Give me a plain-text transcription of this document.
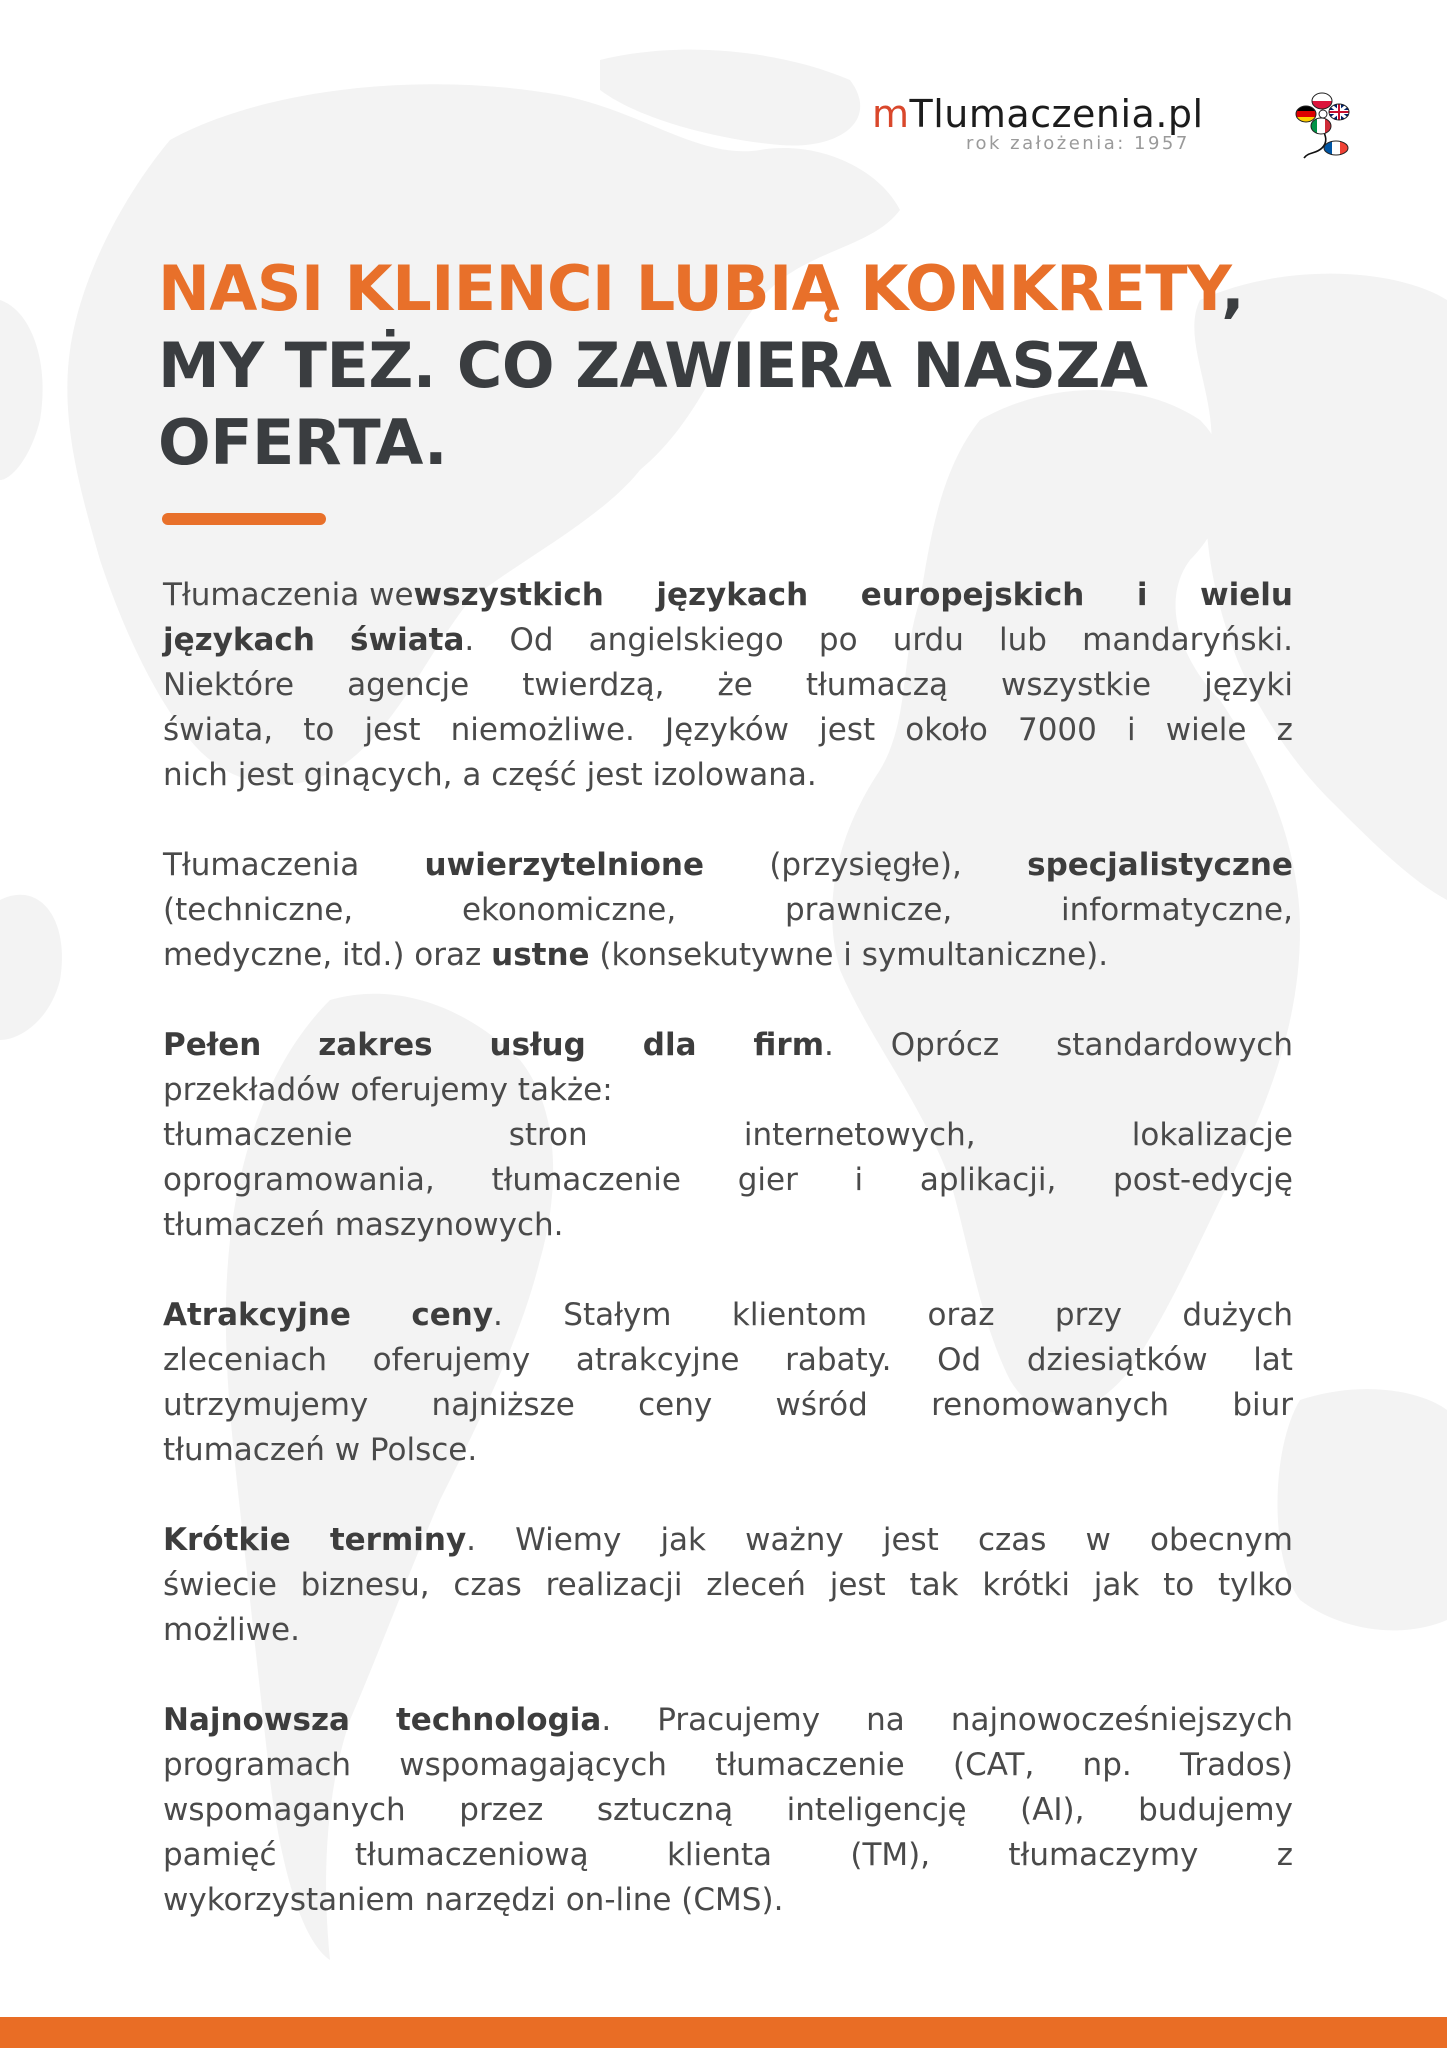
mTlumaczenia.pl
rok założenia: 1957
NASI KLIENCI LUBIĄ KONKRETY,
MY TEŻ. CO ZAWIERA NASZA
OFERTA.

Tłumaczenia we wszystkich językach europejskich i wielu
językach świata. Od angielskiego po urdu lub mandaryński.
Niektóre agencje twierdzą, że tłumaczą wszystkie języki
świata, to jest niemożliwe. Języków jest około 7000 i wiele z
nich jest ginących, a część jest izolowana.

Tłumaczenia uwierzytelnione (przysięgłe), specjalistyczne
(techniczne,	ekonomiczne,	prawnicze,	informatyczne,
medyczne, itd.) oraz ustne (konsekutywne i symultaniczne).

Pełen zakres usług dla firm. Oprócz standardowych
przekładów oferujemy także:
tłumaczenie	stron	internetowych,	lokalizacje
oprogramowania, tłumaczenie gier i aplikacji, post-edycję
tłumaczeń maszynowych.

Atrakcyjne ceny. Stałym klientom oraz przy dużych
zleceniach oferujemy atrakcyjne rabaty. Od dziesiątków lat
utrzymujemy najniższe ceny wśród renomowanych biur
tłumaczeń w Polsce.

Krótkie terminy. Wiemy jak ważny jest czas w obecnym
świecie biznesu, czas realizacji zleceń jest tak krótki jak to tylko
możliwe.

Najnowsza technologia. Pracujemy na najnowocześniejszych
programach wspomagających tłumaczenie (CAT, np. Trados)
wspomaganych przez sztuczną inteligencję (AI), budujemy
pamięć	tłumaczeniową	klienta	(TM),	tłumaczymy	z
wykorzystaniem narzędzi on-line (CMS).
